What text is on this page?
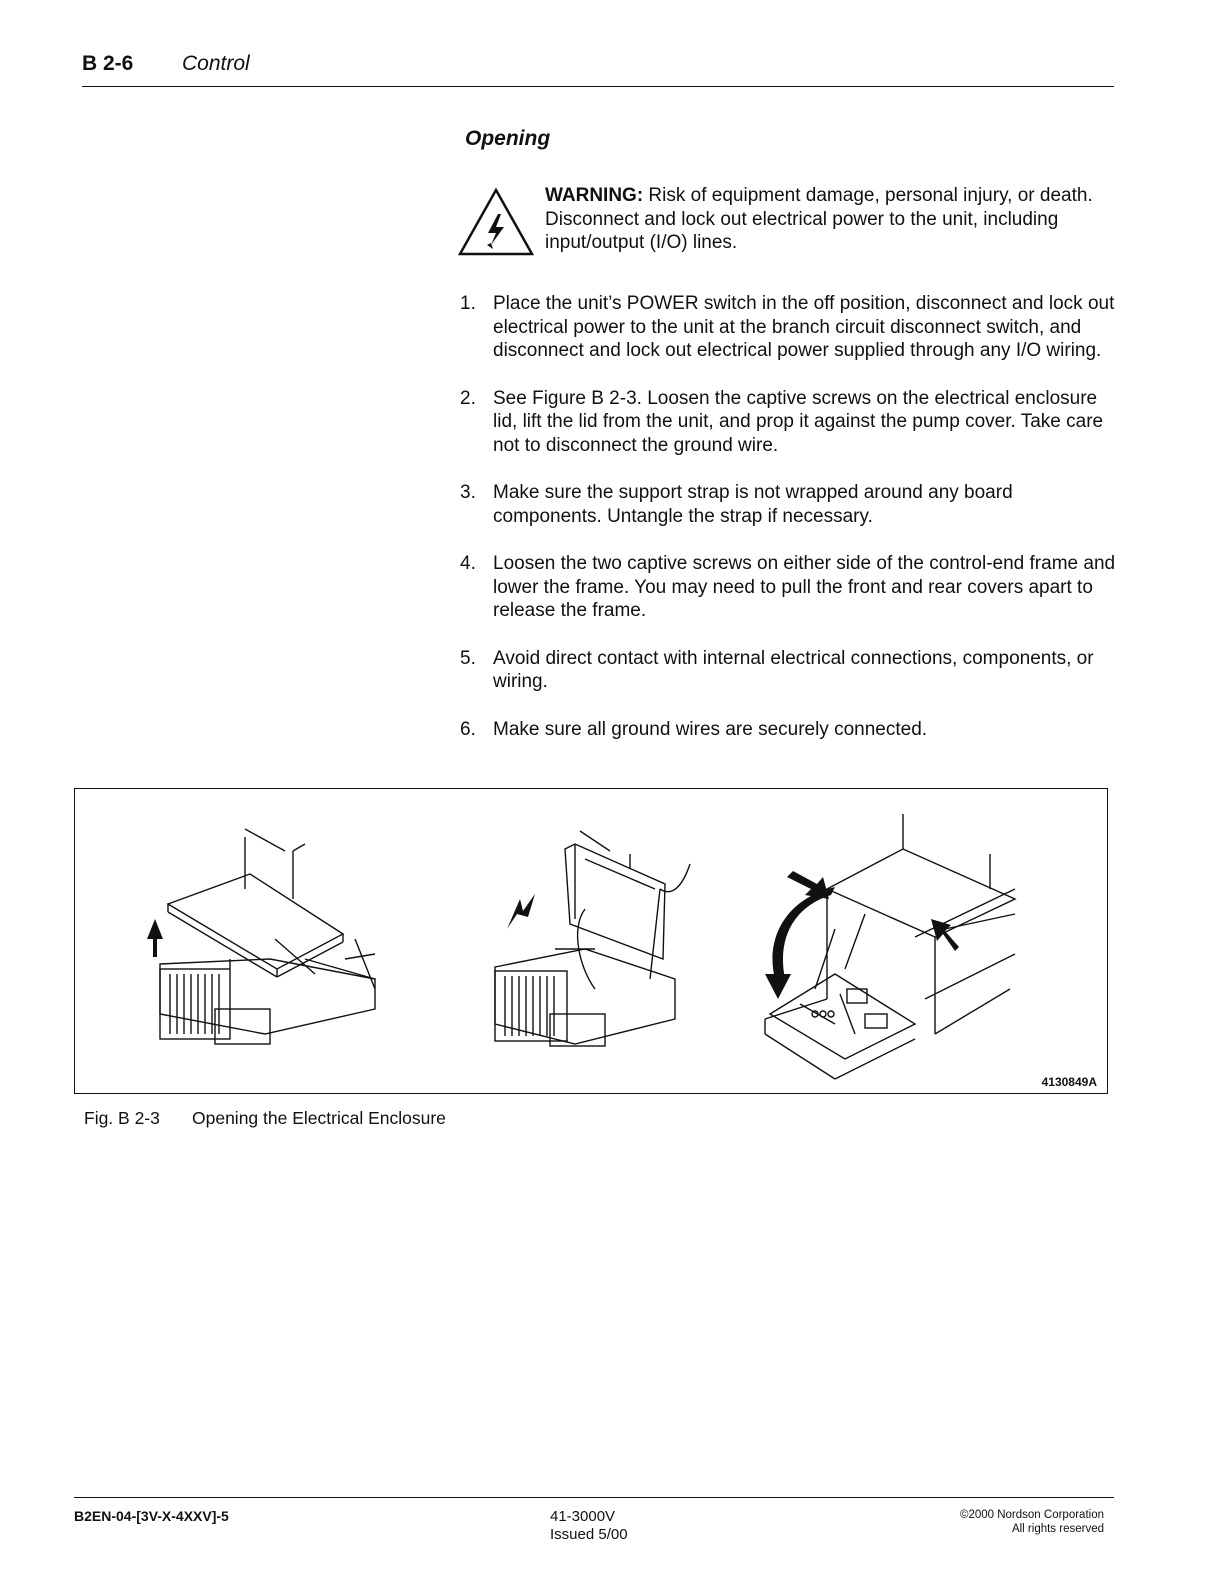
B 2-6 Control
Opening
WARNING: Risk of equipment damage, personal injury, or death. Disconnect and lock out electrical power to the unit, including input/output (I/O) lines.
1. Place the unit’s POWER switch in the off position, disconnect and lock out electrical power to the unit at the branch circuit disconnect switch, and disconnect and lock out electrical power supplied through any I/O wiring.
2. See Figure B 2-3. Loosen the captive screws on the electrical enclosure lid, lift the lid from the unit, and prop it against the pump cover. Take care not to disconnect the ground wire.
3. Make sure the support strap is not wrapped around any board components. Untangle the strap if necessary.
4. Loosen the two captive screws on either side of the control-end frame and lower the frame. You may need to pull the front and rear covers apart to release the frame.
5. Avoid direct contact with internal electrical connections, components, or wiring.
6. Make sure all ground wires are securely connected.
4130849A
Fig. B 2-3 Opening the Electrical Enclosure
B2EN-04-[3V-X-4XXV]-5	41-3000V
Issued 5/00
©2000 Nordson Corporation
All rights reserved
